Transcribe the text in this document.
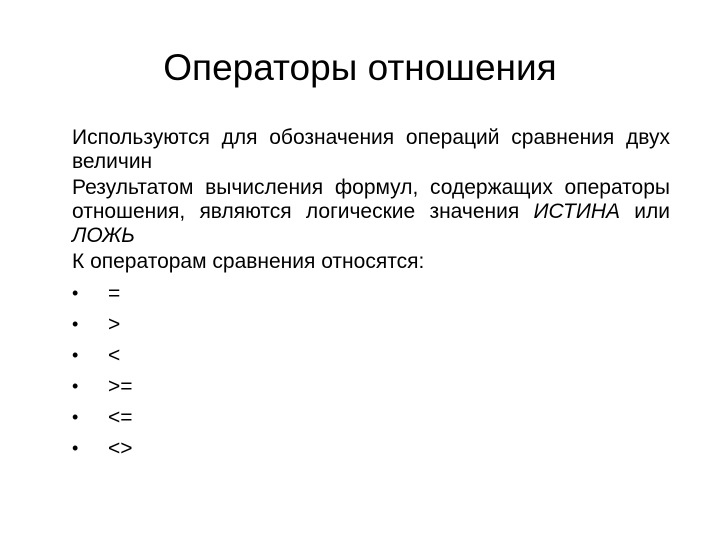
Операторы отношения

Используются для обозначения операций сравнения двух величин

Результатом вычисления формул, содержащих операторы отношения, являются логические значения ИСТИНА или ЛОЖЬ

К операторам сравнения относятся:

• =
• >
• <
• >=
• <=
• <>
